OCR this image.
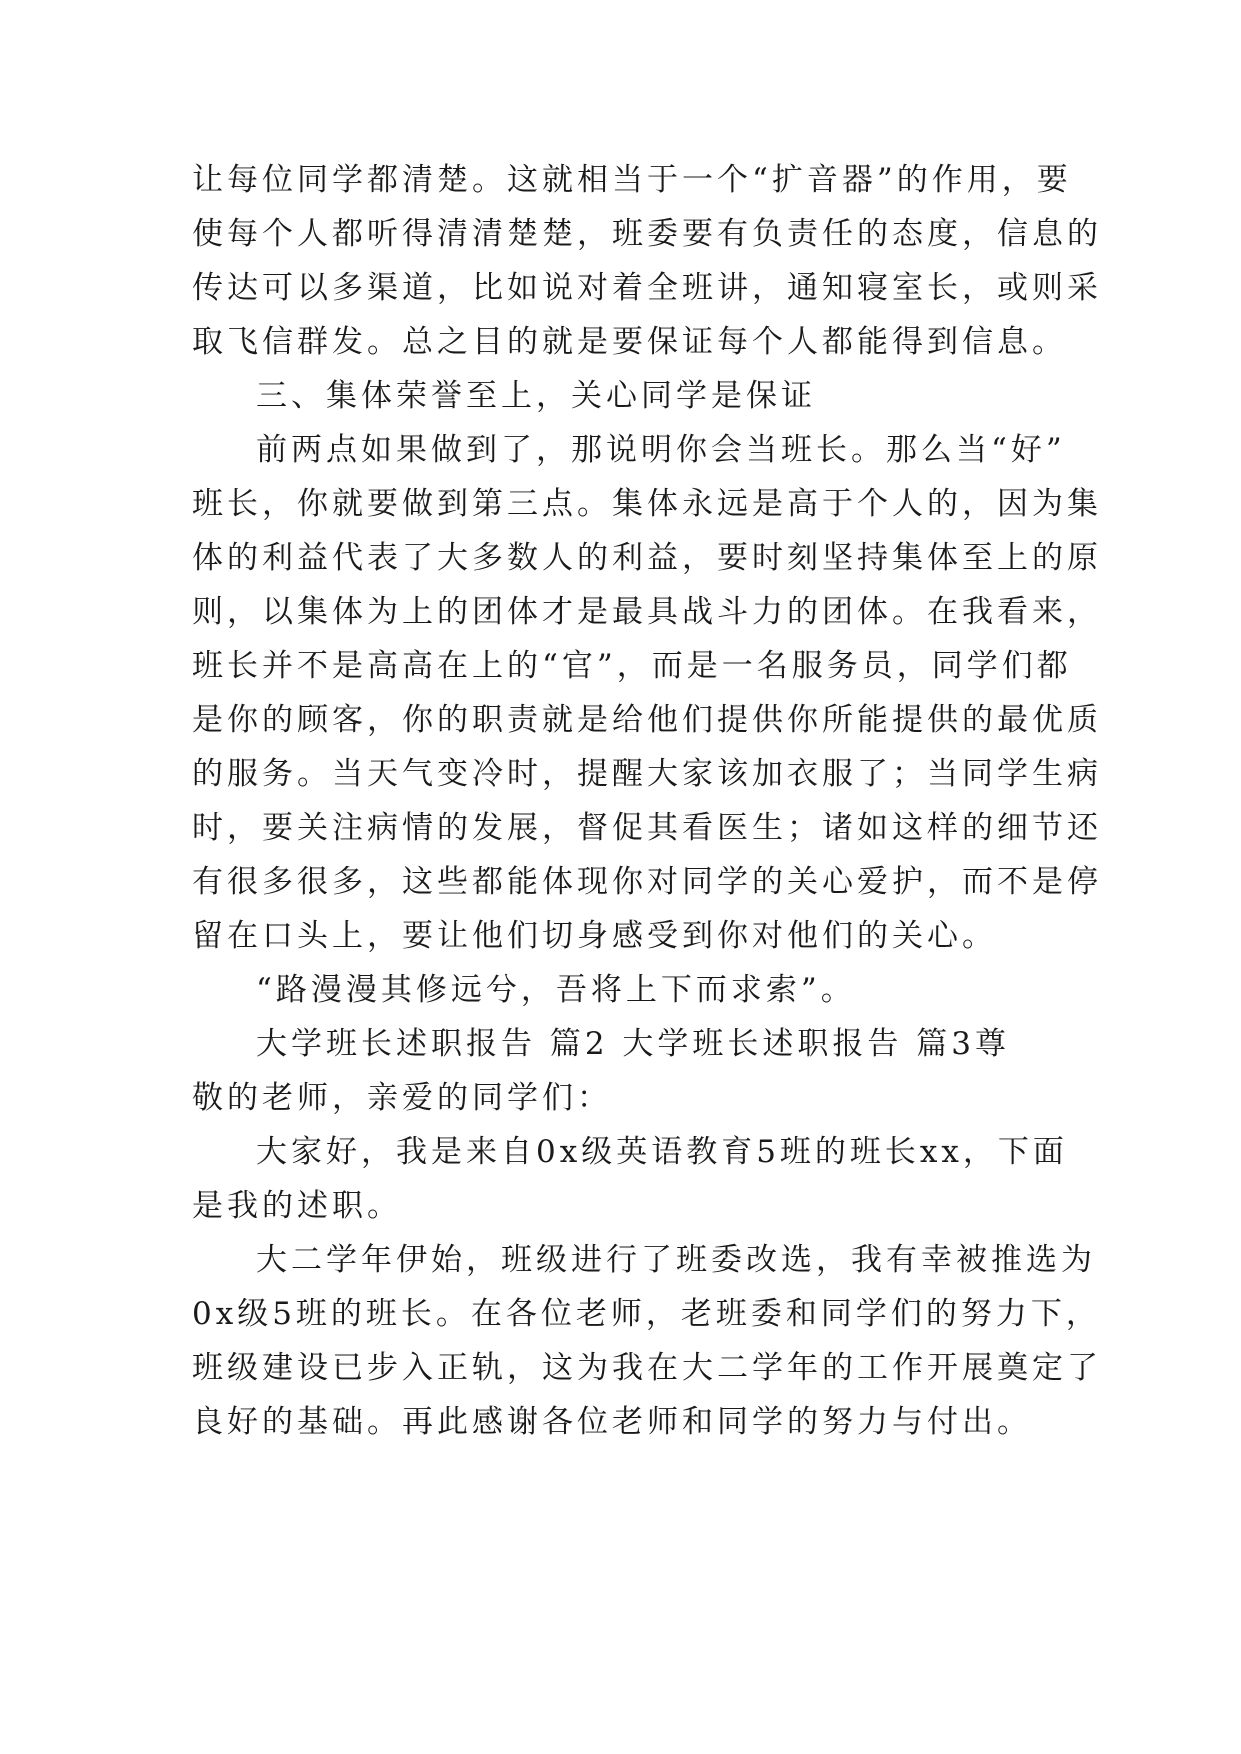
让每位同学都清楚。这就相当于一个“扩音器”的作用，要
使每个人都听得清清楚楚，班委要有负责任的态度，信息的
传达可以多渠道，比如说对着全班讲，通知寝室长，或则采
取飞信群发。总之目的就是要保证每个人都能得到信息。
三、集体荣誉至上，关心同学是保证
前两点如果做到了，那说明你会当班长。那么当“好”
班长，你就要做到第三点。集体永远是高于个人的，因为集
体的利益代表了大多数人的利益，要时刻坚持集体至上的原
则，以集体为上的团体才是最具战斗力的团体。在我看来，
班长并不是高高在上的“官”，而是一名服务员，同学们都
是你的顾客，你的职责就是给他们提供你所能提供的最优质
的服务。当天气变冷时，提醒大家该加衣服了；当同学生病
时，要关注病情的发展，督促其看医生；诸如这样的细节还
有很多很多，这些都能体现你对同学的关心爱护，而不是停
留在口头上，要让他们切身感受到你对他们的关心。
“路漫漫其修远兮，吾将上下而求索”。
大学班长述职报告 篇2 大学班长述职报告 篇3尊
敬的老师，亲爱的同学们：
大家好，我是来自0x级英语教育5班的班长xx，下面
是我的述职。
大二学年伊始，班级进行了班委改选，我有幸被推选为
0x级5班的班长。在各位老师，老班委和同学们的努力下，
班级建设已步入正轨，这为我在大二学年的工作开展奠定了
良好的基础。再此感谢各位老师和同学的努力与付出。
